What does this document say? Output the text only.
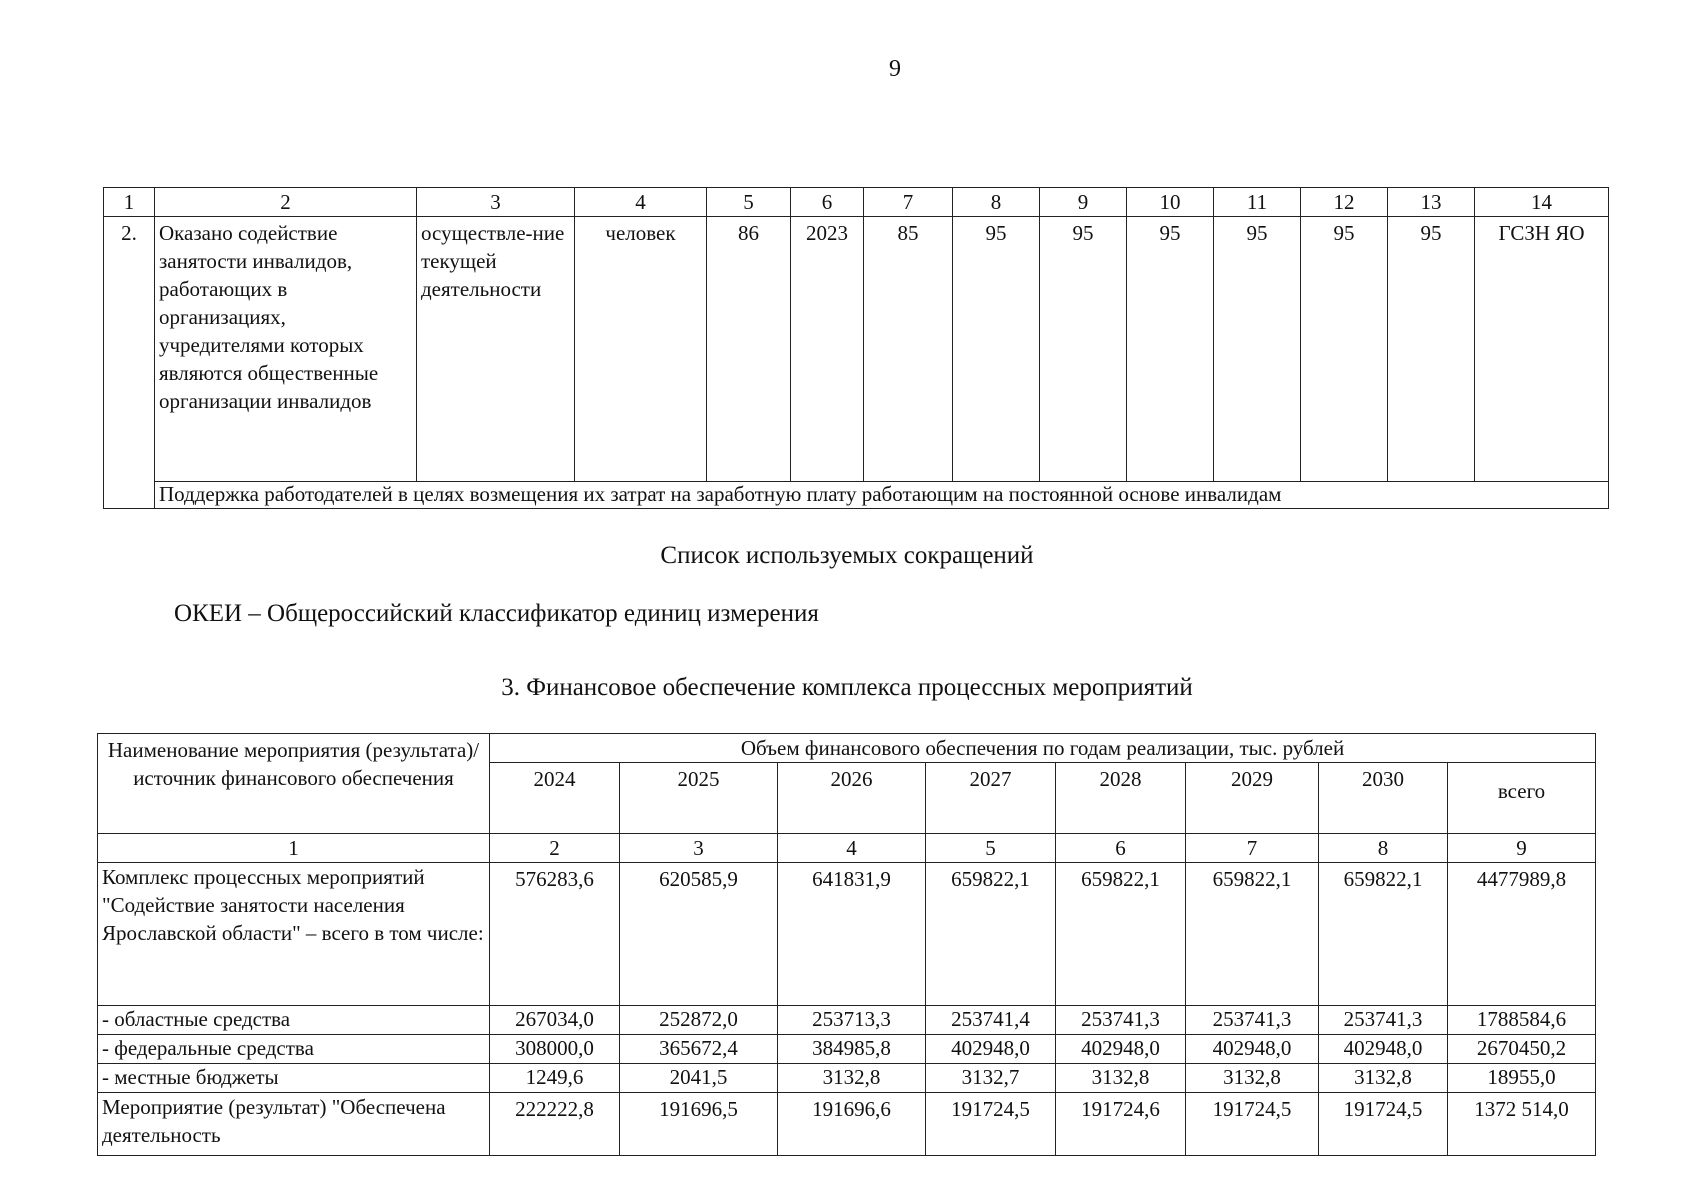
9
1	2	3	4	5	6	7	8	9	10	11	12	13	14
2.	Оказано содействие занятости инвалидов, работающих в организациях, учредителями которых являются общественные организации инвалидов	осуществле-ние текущей деятельности	человек	86	2023	85	95	95	95	95	95	95	ГСЗН ЯО
	Поддержка работодателей в целях возмещения их затрат на заработную плату работающим на постоянной основе инвалидам												
Список используемых сокращений
ОКЕИ – Общероссийский классификатор единиц измерения
3. Финансовое обеспечение комплекса процессных мероприятий
Наименование мероприятия (результата)/ источник финансового обеспечения	Объем финансового обеспечения по годам реализации, тыс. рублей							
	2024	2025	2026	2027	2028	2029	2030	всего
1	2	3	4	5	6	7	8	9
Комплекс процессных мероприятий "Содействие занятости населения Ярославской области" – всего в том числе:	576283,6	620585,9	641831,9	659822,1	659822,1	659822,1	659822,1	4477989,8
- областные средства	267034,0	252872,0	253713,3	253741,4	253741,3	253741,3	253741,3	1788584,6
- федеральные средства	308000,0	365672,4	384985,8	402948,0	402948,0	402948,0	402948,0	2670450,2
- местные бюджеты	1249,6	2041,5	3132,8	3132,7	3132,8	3132,8	3132,8	18955,0
Мероприятие (результат) "Обеспечена деятельность	222222,8	191696,5	191696,6	191724,5	191724,6	191724,5	191724,5	1372 514,0
